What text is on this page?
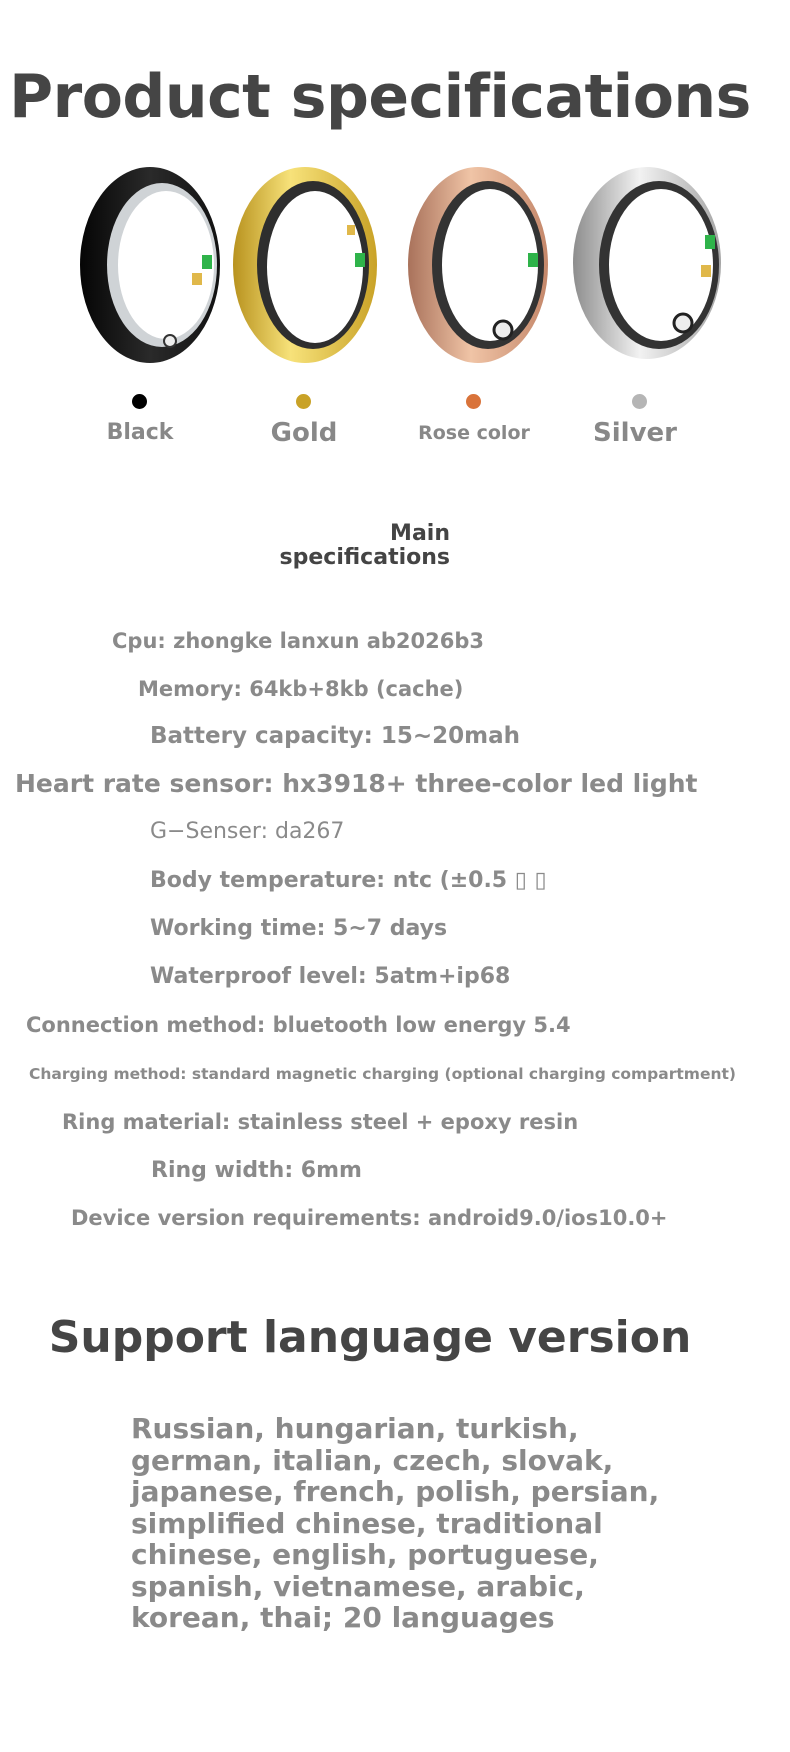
Product specifications
Black	Gold	Rose color	Silver
Main specifications
Cpu: zhongke lanxun ab2026b3
Memory: 64kb+8kb (cache)
Battery capacity: 15~20mah
Heart rate sensor: hx3918+ three-color led light
G−Senser: da267
Body temperature: ntc (±0.5 ▯ ▯
Working time: 5~7 days
Waterproof level: 5atm+ip68
Connection method: bluetooth low energy 5.4
Charging method: standard magnetic charging (optional charging compartment)
Ring material: stainless steel + epoxy resin
Ring width: 6mm
Device version requirements: android9.0/ios10.0+
Support language version
Russian, hungarian, turkish, german, italian, czech, slovak, japanese, french, polish, persian, simplified chinese, traditional chinese, english, portuguese, spanish, vietnamese, arabic, korean, thai; 20 languages
